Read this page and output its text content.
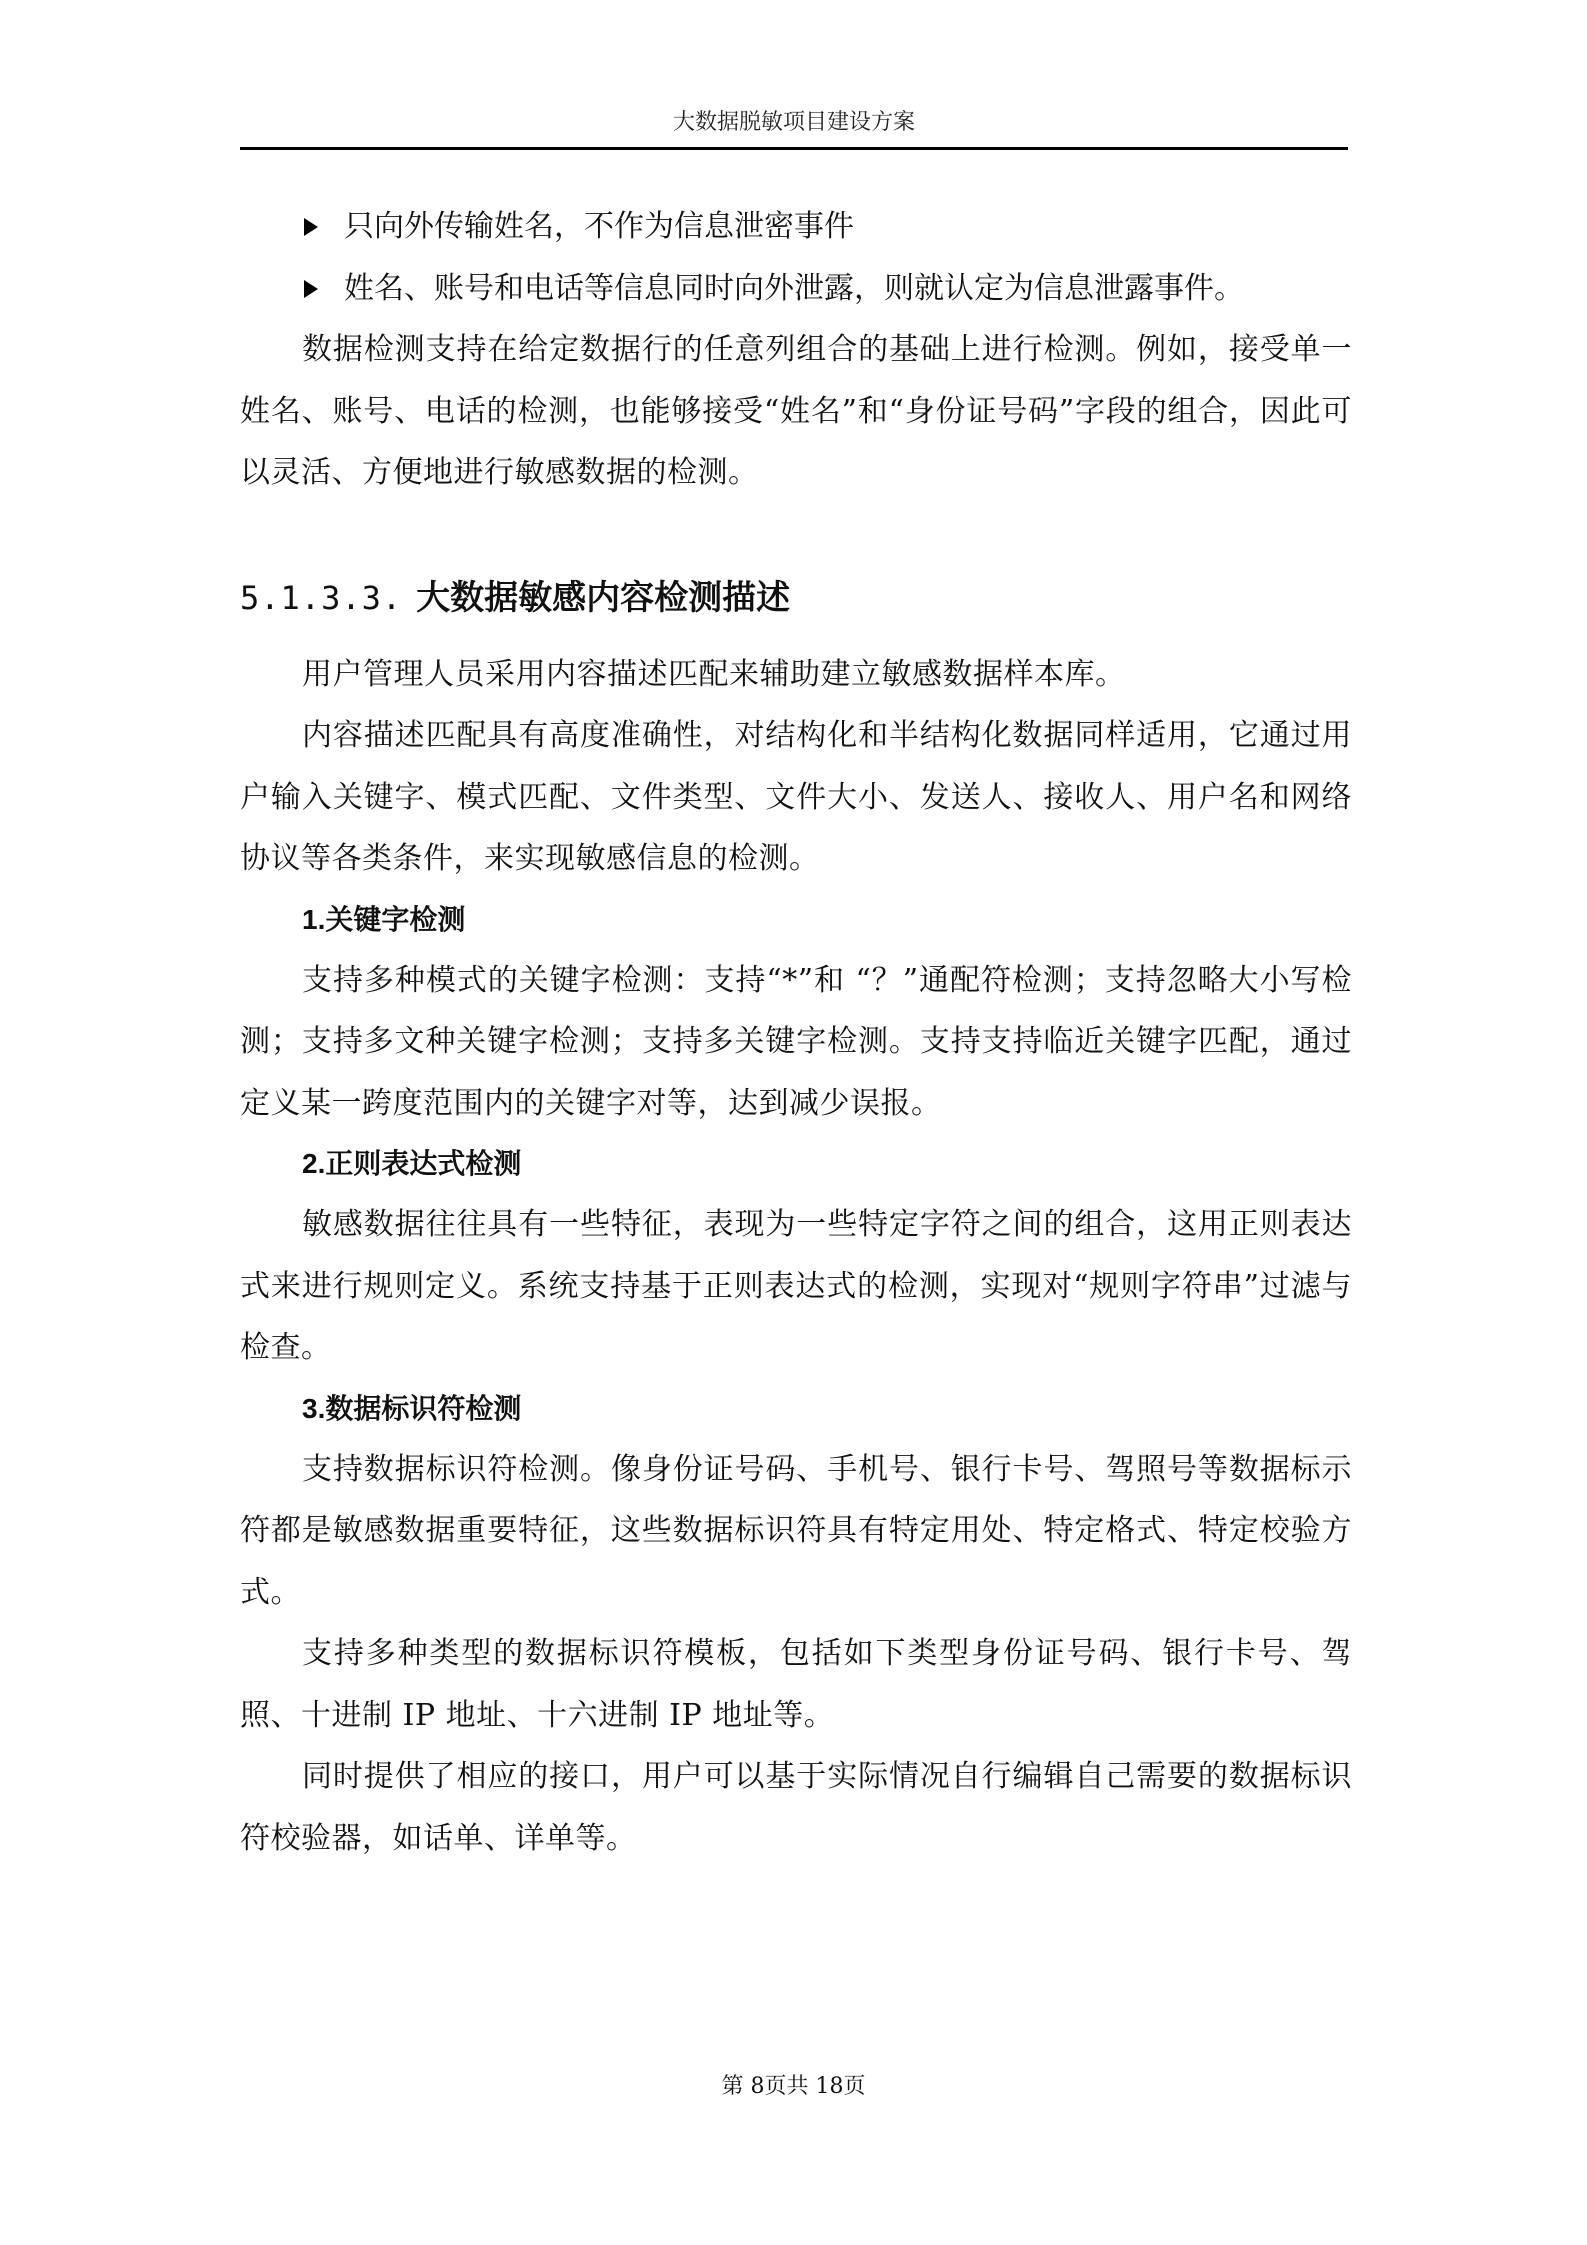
大数据脱敏项目建设方案

只向外传输姓名，不作为信息泄密事件

姓名、账号和电话等信息同时向外泄露，则就认定为信息泄露事件。

数据检测支持在给定数据行的任意列组合的基础上进行检测。例如，接受单一姓名、账号、电话的检测，也能够接受“姓名”和“身份证号码”字段的组合，因此可以灵活、方便地进行敏感数据的检测。

5.1.3.3. 大数据敏感内容检测描述

用户管理人员采用内容描述匹配来辅助建立敏感数据样本库。

内容描述匹配具有高度准确性，对结构化和半结构化数据同样适用，它通过用户输入关键字、模式匹配、文件类型、文件大小、发送人、接收人、用户名和网络协议等各类条件，来实现敏感信息的检测。

1.关键字检测

支持多种模式的关键字检测：支持“*”和 “？”通配符检测；支持忽略大小写检测；支持多文种关键字检测；支持多关键字检测。支持支持临近关键字匹配，通过定义某一跨度范围内的关键字对等，达到减少误报。

2.正则表达式检测

敏感数据往往具有一些特征，表现为一些特定字符之间的组合，这用正则表达式来进行规则定义。系统支持基于正则表达式的检测，实现对“规则字符串”过滤与检查。

3.数据标识符检测

支持数据标识符检测。像身份证号码、手机号、银行卡号、驾照号等数据标示符都是敏感数据重要特征，这些数据标识符具有特定用处、特定格式、特定校验方式。

支持多种类型的数据标识符模板，包括如下类型身份证号码、银行卡号、驾照、十进制 IP 地址、十六进制 IP 地址等。

同时提供了相应的接口，用户可以基于实际情况自行编辑自己需要的数据标识符校验器，如话单、详单等。

第 8页共 18页
